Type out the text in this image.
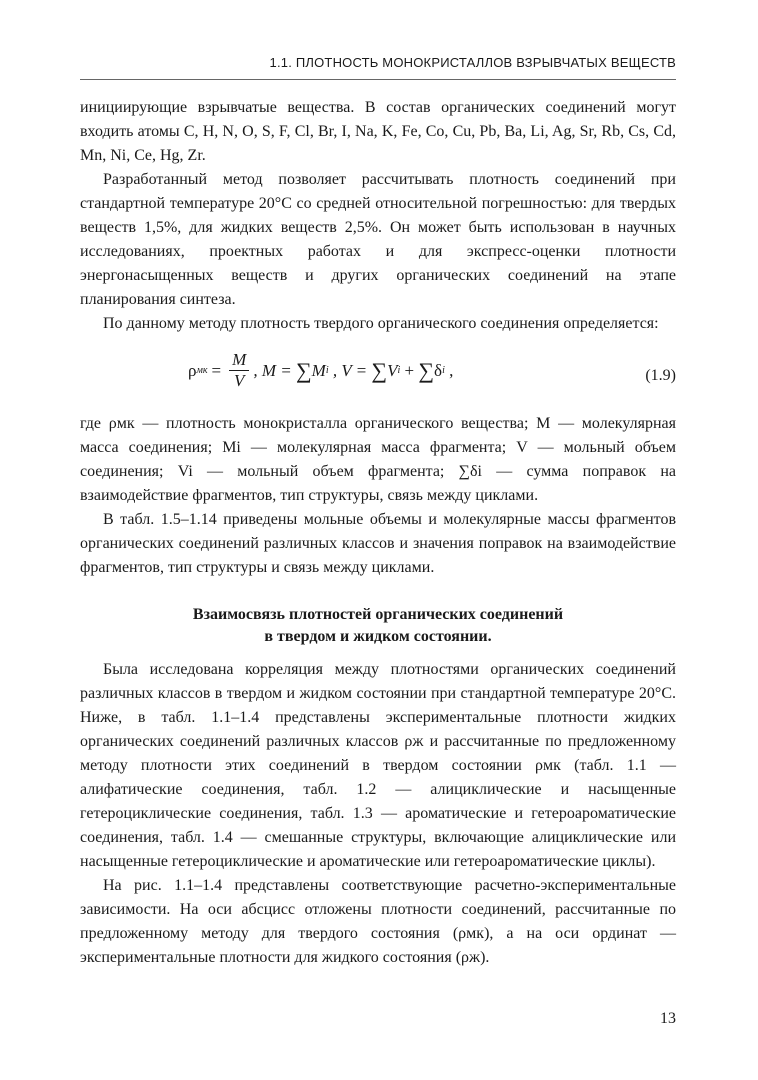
1.1. ПЛОТНОСТЬ МОНОКРИСТАЛЛОВ ВЗРЫВЧАТЫХ ВЕЩЕСТВ

инициирующие взрывчатые вещества. В состав органических соединений могут входить атомы C, H, N, O, S, F, Cl, Br, I, Na, K, Fe, Co, Cu, Pb, Ba, Li, Ag, Sr, Rb, Cs, Cd, Mn, Ni, Ce, Hg, Zr.

Разработанный метод позволяет рассчитывать плотность соединений при стандартной температуре 20°С со средней относительной погрешностью: для твердых веществ 1,5%, для жидких веществ 2,5%. Он может быть использован в научных исследованиях, проектных работах и для экспресс-оценки плотности энергонасыщенных веществ и других органических соединений на этапе планирования синтеза.

По данному методу плотность твердого органического соединения определяется:

ρ мк = $\frac{M}{V}$ , M = ∑ M i , V = ∑ V i + ∑ δ i ,	(1.9)

где ρмк — плотность монокристалла органического вещества; M — молекулярная масса соединения; Mi — молекулярная масса фрагмента; V — мольный объем соединения; Vi — мольный объем фрагмента; ∑δi — сумма поправок на взаимодействие фрагментов, тип структуры, связь между циклами.

В табл. 1.5–1.14 приведены мольные объемы и молекулярные массы фрагментов органических соединений различных классов и значения поправок на взаимодействие фрагментов, тип структуры и связь между циклами.

Взаимосвязь плотностей органических соединений
в твердом и жидком состоянии.

Была исследована корреляция между плотностями органических соединений различных классов в твердом и жидком состоянии при стандартной температуре 20°С. Ниже, в табл. 1.1–1.4 представлены экспериментальные плотности жидких органических соединений различных классов ρж и рассчитанные по предложенному методу плотности этих соединений в твердом состоянии ρмк (табл. 1.1 — алифатические соединения, табл. 1.2 — алициклические и насыщенные гетероциклические соединения, табл. 1.3 — ароматические и гетероароматические соединения, табл. 1.4 — смешанные структуры, включающие алициклические или насыщенные гетероциклические и ароматические или гетероароматические циклы).

На рис. 1.1–1.4 представлены соответствующие расчетно-экспериментальные зависимости. На оси абсцисс отложены плотности соединений, рассчитанные по предложенному методу для твердого состояния (ρмк), а на оси ординат — экспериментальные плотности для жидкого состояния (ρж).

13
